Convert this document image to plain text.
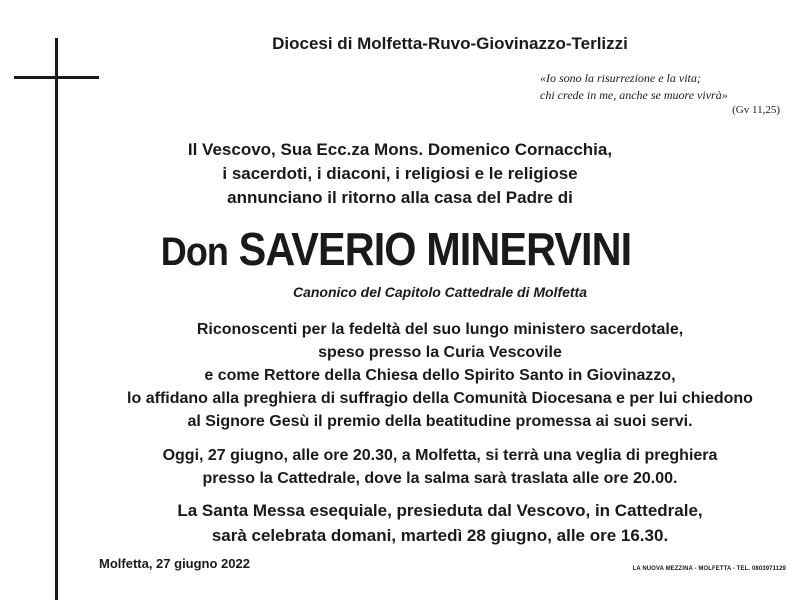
Diocesi di Molfetta-Ruvo-Giovinazzo-Terlizzi
«Io sono la risurrezione e la vita;
chi crede in me, anche se muore vivrà»
(Gv 11,25)
Il Vescovo, Sua Ecc.za Mons. Domenico Cornacchia,
i sacerdoti, i diaconi, i religiosi e le religiose
annunciano il ritorno alla casa del Padre di
Don SAVERIO MINERVINI
Canonico del Capitolo Cattedrale di Molfetta
Riconoscenti per la fedeltà del suo lungo ministero sacerdotale,
speso presso la Curia Vescovile
e come Rettore della Chiesa dello Spirito Santo in Giovinazzo,
lo affidano alla preghiera di suffragio della Comunità Diocesana e per lui chiedono
al Signore Gesù il premio della beatitudine promessa ai suoi servi.
Oggi, 27 giugno, alle ore 20.30, a Molfetta, si terrà una veglia di preghiera
presso la Cattedrale, dove la salma sarà traslata alle ore 20.00.
La Santa Messa esequiale, presieduta dal Vescovo, in Cattedrale,
sarà celebrata domani, martedì 28 giugno, alle ore 16.30.
Molfetta, 27 giugno 2022	LA NUOVA MEZZINA - MOLFETTA - TEL. 0803971129
